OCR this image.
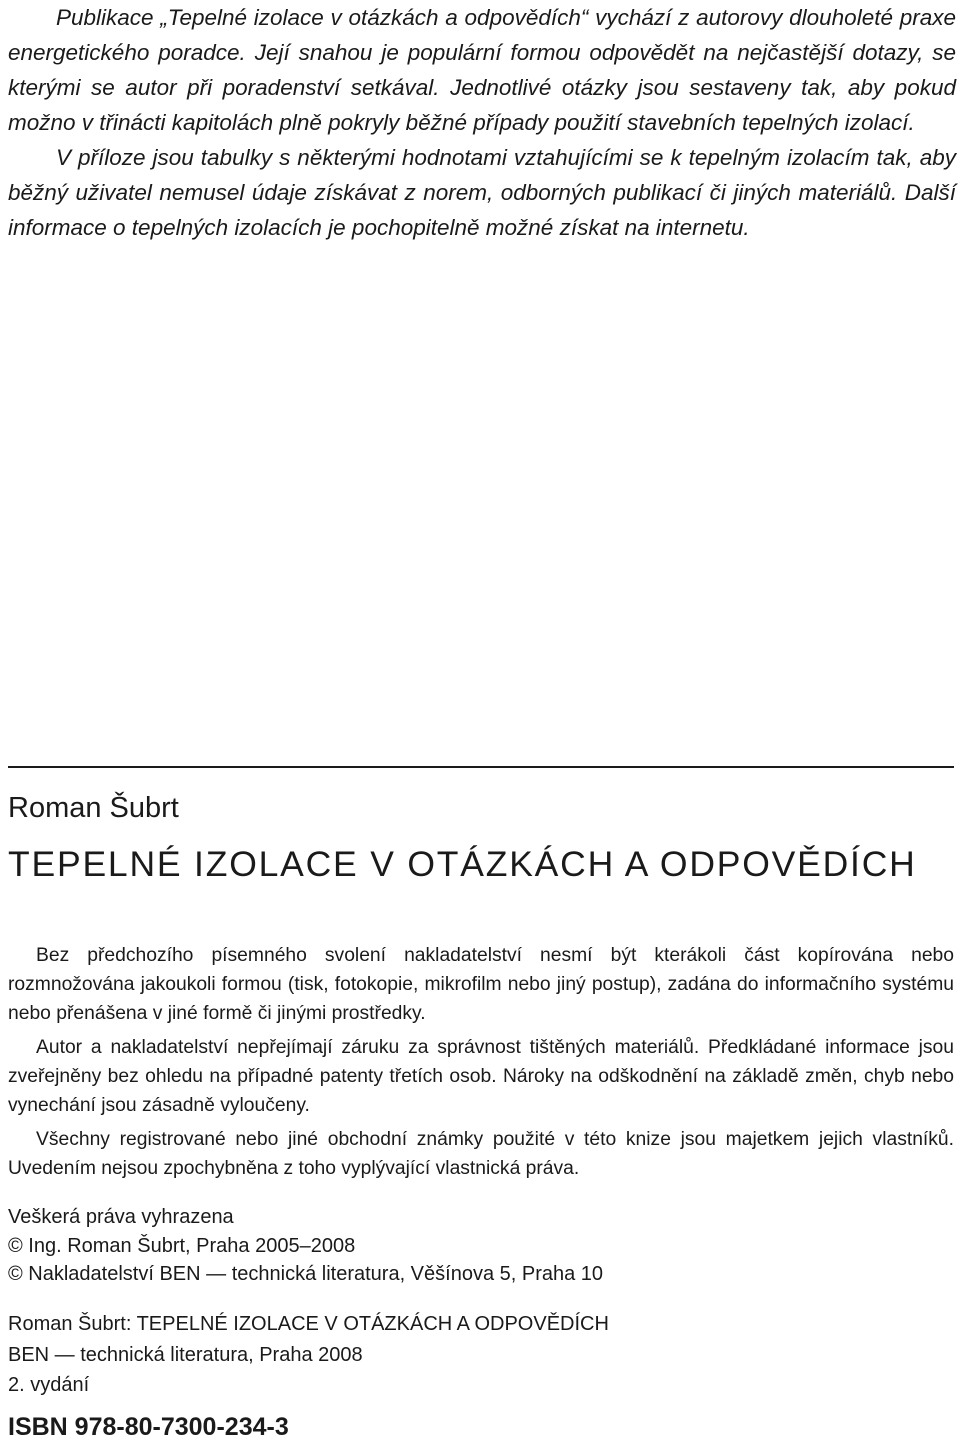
Publikace „Tepelné izolace v otázkách a odpovědích“ vychází z autorovy dlouholeté praxe energetického poradce. Její snahou je populární formou odpovědět na nejčastější dotazy, se kterými se autor při poradenství setkával. Jednotlivé otázky jsou sestaveny tak, aby pokud možno v třinácti kapitolách plně pokryly běžné případy použití stavebních tepelných izolací.

V příloze jsou tabulky s některými hodnotami vztahujícími se k tepelným izolacím tak, aby běžný uživatel nemusel údaje získávat z norem, odborných publikací či jiných materiálů. Další informace o tepelných izolacích je pochopitelně možné získat na internetu.

Roman Šubrt
TEPELNÉ IZOLACE V OTÁZKÁCH A ODPOVĚDÍCH

Bez předchozího písemného svolení nakladatelství nesmí být kterákoli část kopírována nebo rozmnožována jakoukoli formou (tisk, fotokopie, mikrofilm nebo jiný postup), zadána do informačního systému nebo přenášena v jiné formě či jinými prostředky.

Autor a nakladatelství nepřejímají záruku za správnost tištěných materiálů. Předkládané informace jsou zveřejněny bez ohledu na případné patenty třetích osob. Nároky na odškodnění na základě změn, chyb nebo vynechání jsou zásadně vyloučeny.

Všechny registrované nebo jiné obchodní známky použité v této knize jsou majetkem jejich vlastníků. Uvedením nejsou zpochybněna z toho vyplývající vlastnická práva.

Veškerá práva vyhrazena
© Ing. Roman Šubrt, Praha 2005–2008
© Nakladatelství BEN — technická literatura, Věšínova 5, Praha 10
Roman Šubrt: TEPELNÉ IZOLACE V OTÁZKÁCH A ODPOVĚDÍCH
BEN — technická literatura, Praha 2008
2. vydání
ISBN 978-80-7300-234-3
